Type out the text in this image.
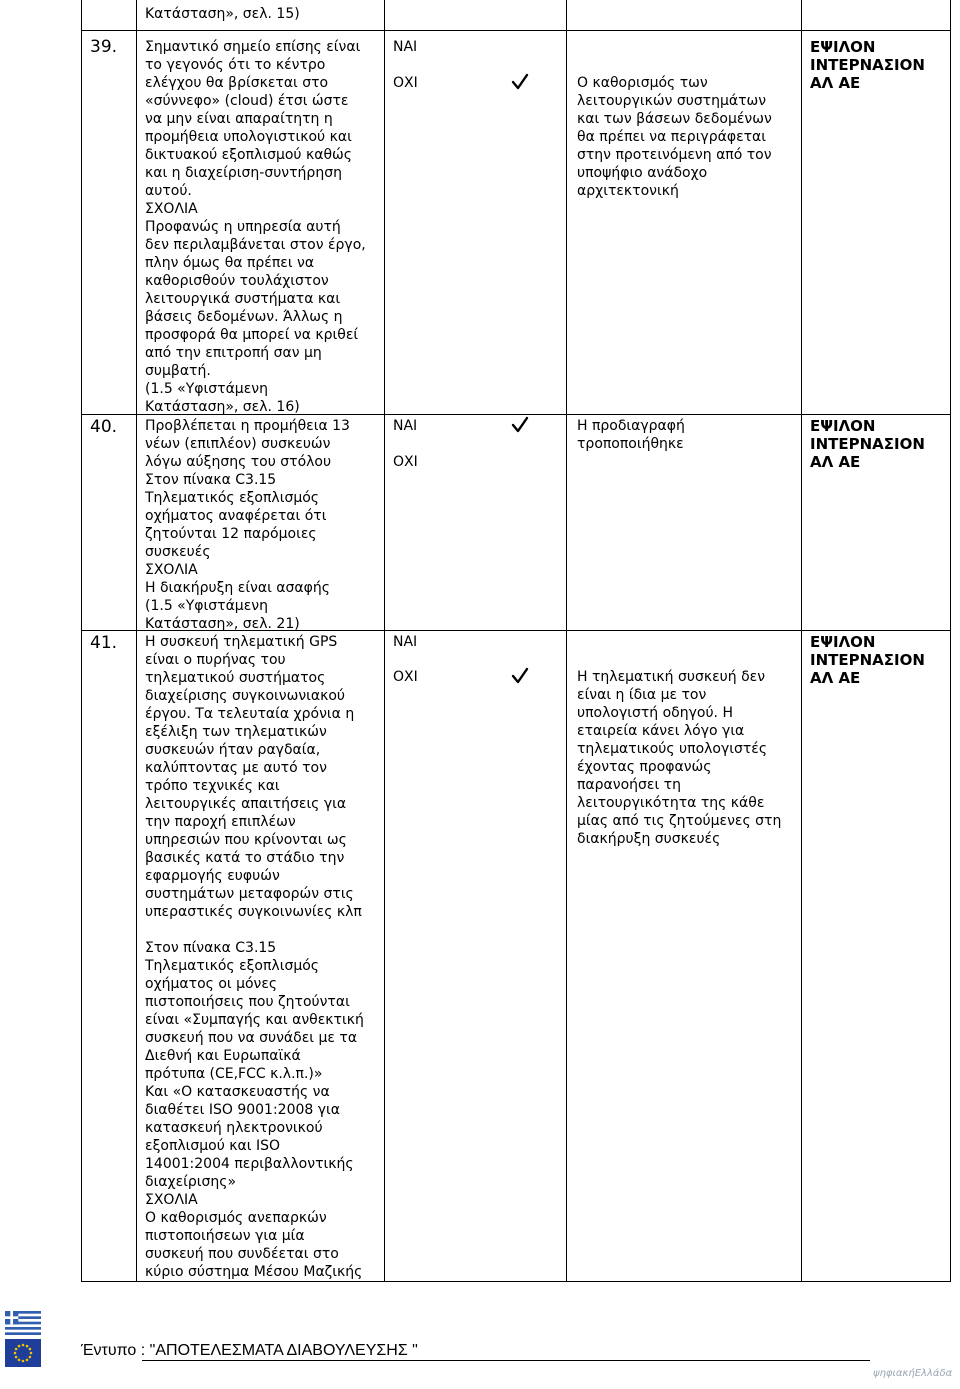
Κατάσταση», σελ. 15)
39. Σημαντικό σημείο επίσης είναι
το γεγονός ότι το κέντρο
ελέγχου θα βρίσκεται στο
«σύννεφο» (cloud) έτσι ώστε
να μην είναι απαραίτητη η
προμήθεια υπολογιστικού και
δικτυακού εξοπλισμού καθώς
και η διαχείριση-συντήρηση
αυτού.
ΣΧΟΛΙΑ
Προφανώς η υπηρεσία αυτή
δεν περιλαμβάνεται στον έργο,
πλην όμως θα πρέπει να
καθορισθούν τουλάχιστον
λειτουργικά συστήματα και
βάσεις δεδομένων. Άλλως η
προσφορά θα μπορεί να κριθεί
από την επιτροπή σαν μη
συμβατή.
(1.5 «Υφιστάμενη
Κατάσταση», σελ. 16)
ΝΑΙ
ΟΧΙ	Ο καθορισμός των
λειτουργικών συστημάτων
και των βάσεων δεδομένων
θα πρέπει να περιγράφεται
στην προτεινόμενη από τον
υποψήφιο ανάδοχο
αρχιτεκτονική
ΕΨΙΛΟΝ
ΙΝΤΕΡΝΑΣΙΟΝ
ΑΛ ΑΕ
40. Προβλέπεται η προμήθεια 13
νέων (επιπλέον) συσκευών
λόγω αύξησης του στόλου
Στον πίνακα C3.15
Τηλεματικός εξοπλισμός
οχήματος αναφέρεται ότι
ζητούνται 12 παρόμοιες
συσκευές
ΣΧΟΛΙΑ
Η διακήρυξη είναι ασαφής
(1.5 «Υφιστάμενη
Κατάσταση», σελ. 21)
ΝΑΙ
ΟΧΙ
Η προδιαγραφή
τροποποιήθηκε
ΕΨΙΛΟΝ
ΙΝΤΕΡΝΑΣΙΟΝ
ΑΛ ΑΕ
41. Η συσκευή τηλεματική GPS
είναι ο πυρήνας του
τηλεματικού συστήματος
διαχείρισης συγκοινωνιακού
έργου. Τα τελευταία χρόνια η
εξέλιξη των τηλεματικών
συσκευών ήταν ραγδαία,
καλύπτοντας με αυτό τον
τρόπο τεχνικές και
λειτουργικές απαιτήσεις για
την παροχή επιπλέων
υπηρεσιών που κρίνονται ως
βασικές κατά το στάδιο την
εφαρμογής ευφυών
συστημάτων μεταφορών στις
υπεραστικές συγκοινωνίες κλπ
Στον πίνακα C3.15
Τηλεματικός εξοπλισμός
οχήματος οι μόνες
πιστοποιήσεις που ζητούνται
είναι «Συμπαγής και ανθεκτική
συσκευή που να συνάδει με τα
Διεθνή και Ευρωπαϊκά
πρότυπα (CE,FCC κ.λ.π.)»
Και «Ο κατασκευαστής να
διαθέτει ISO 9001:2008 για
κατασκευή ηλεκτρονικού
εξοπλισμού και ISO
14001:2004 περιβαλλοντικής
διαχείρισης»
ΣΧΟΛΙΑ
Ο καθορισμός ανεπαρκών
πιστοποιήσεων για μία
συσκευή που συνδέεται στο
κύριο σύστημα Μέσου Μαζικής
ΝΑΙ
ΟΧΙ	Η τηλεματική συσκευή δεν
είναι η ίδια με τον
υπολογιστή οδηγού. Η
εταιρεία κάνει λόγο για
τηλεματικούς υπολογιστές
έχοντας προφανώς
παρανοήσει τη
λειτουργικότητα της κάθε
μίας από τις ζητούμενες στη
διακήρυξη συσκευές
ΕΨΙΛΟΝ
ΙΝΤΕΡΝΑΣΙΟΝ
ΑΛ ΑΕ
Έντυπο : "ΑΠΟΤΕΛΕΣΜΑΤΑ ΔΙΑΒΟΥΛΕΥΣΗΣ "
ψηφιακήΕλλάδα
